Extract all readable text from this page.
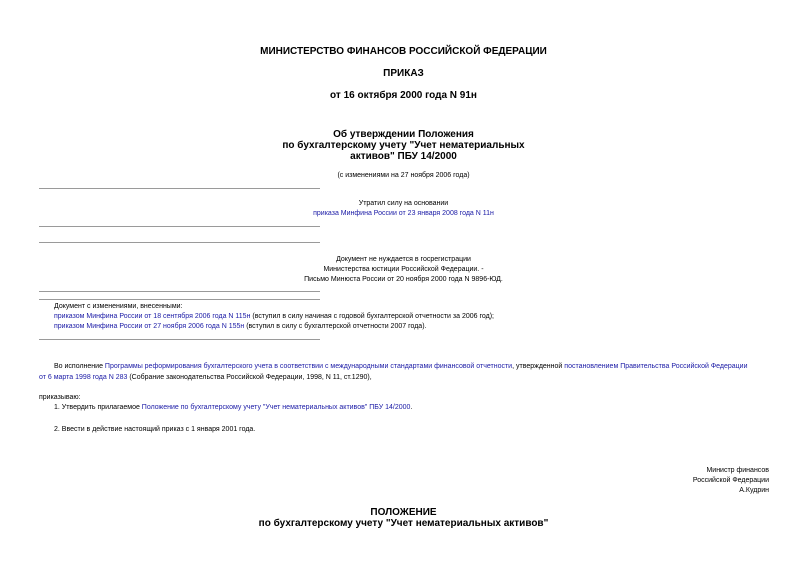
МИНИСТЕРСТВО ФИНАНСОВ РОССИЙСКОЙ ФЕДЕРАЦИИ
ПРИКАЗ
от 16 октября 2000 года N 91н
Об утверждении Положения
по бухгалтерскому учету "Учет нематериальных
активов" ПБУ 14/2000
(с изменениями на 27 ноября 2006 года)
Утратил силу на основании
приказа Минфина России от 23 января 2008 года N 11н
Документ не нуждается в госрегистрации
Министерства юстиции Российской Федерации. -
Письмо Минюста России от 20 ноября 2000 года N 9896-ЮД.
Документ с изменениями, внесенными:
приказом Минфина России от 18 сентября 2006 года N 115н (вступил в силу начиная с годовой бухгалтерской отчетности за 2006 год);
приказом Минфина России от 27 ноября 2006 года N 155н (вступил в силу с бухгалтерской отчетности 2007 года).
Во исполнение Программы реформирования бухгалтерского учета в соответствии с международными стандартами финансовой отчетности, утвержденной постановлением Правительства Российской Федерации
от 6 марта 1998 года N 283 (Собрание законодательства Российской Федерации, 1998, N 11, ст.1290),
приказываю:
1. Утвердить прилагаемое Положение по бухгалтерскому учету "Учет нематериальных активов" ПБУ 14/2000.
2. Ввести в действие настоящий приказ с 1 января 2001 года.
Министр финансов
Российской Федерации
А.Кудрин
ПОЛОЖЕНИЕ
по бухгалтерскому учету "Учет нематериальных активов"
